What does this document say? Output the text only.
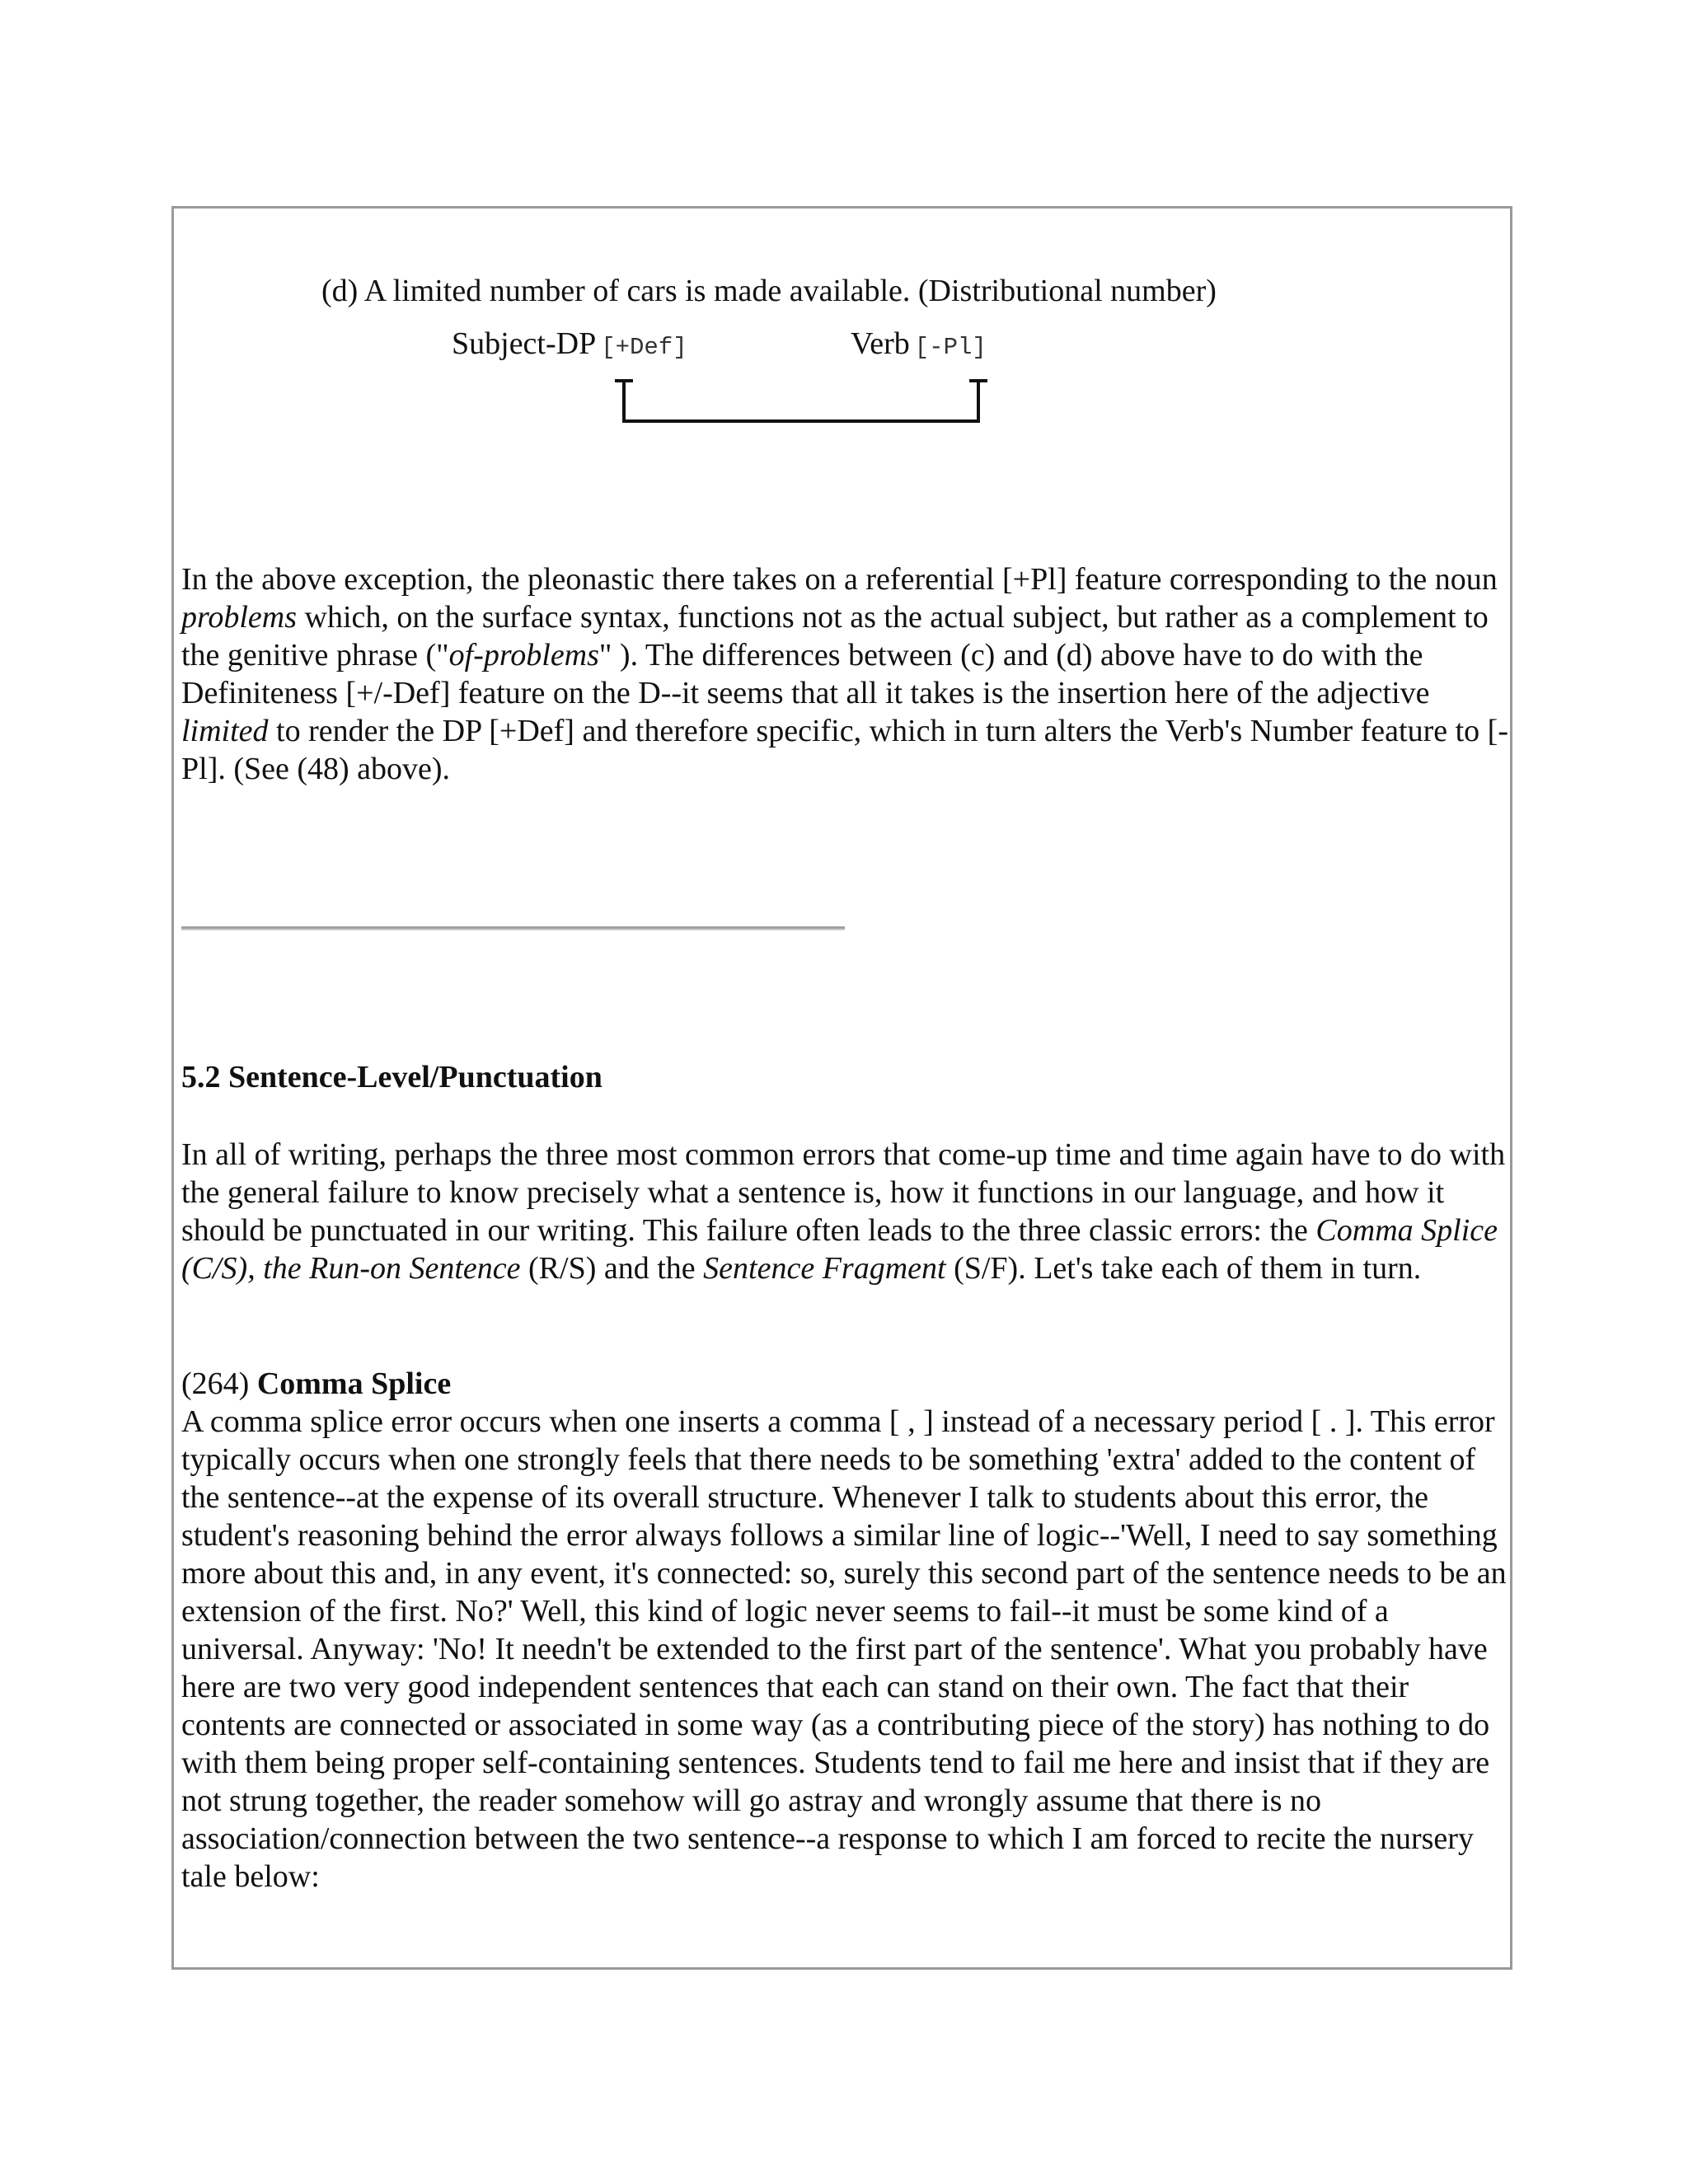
(d) A limited number of cars is made available. (Distributional number)
Subject-DP [+Def]	Verb [-Pl]

In the above exception, the pleonastic there takes on a referential [+Pl] feature corresponding to the noun problems which, on the surface syntax, functions not as the actual subject, but rather as a complement to the genitive phrase ("of-problems" ). The differences between (c) and (d) above have to do with the Definiteness [+/-Def] feature on the D--it seems that all it takes is the insertion here of the adjective limited to render the DP [+Def] and therefore specific, which in turn alters the Verb's Number feature to [-Pl]. (See (48) above).

5.2 Sentence-Level/Punctuation

In all of writing, perhaps the three most common errors that come-up time and time again have to do with the general failure to know precisely what a sentence is, how it functions in our language, and how it should be punctuated in our writing. This failure often leads to the three classic errors: the Comma Splice (C/S), the Run-on Sentence (R/S) and the Sentence Fragment (S/F). Let's take each of them in turn.

(264) Comma Splice
A comma splice error occurs when one inserts a comma [ , ] instead of a necessary period [ . ]. This error typically occurs when one strongly feels that there needs to be something 'extra' added to the content of the sentence--at the expense of its overall structure. Whenever I talk to students about this error, the student's reasoning behind the error always follows a similar line of logic--'Well, I need to say something more about this and, in any event, it's connected: so, surely this second part of the sentence needs to be an extension of the first. No?' Well, this kind of logic never seems to fail--it must be some kind of a universal. Anyway: 'No! It needn't be extended to the first part of the sentence'. What you probably have here are two very good independent sentences that each can stand on their own. The fact that their contents are connected or associated in some way (as a contributing piece of the story) has nothing to do with them being proper self-containing sentences. Students tend to fail me here and insist that if they are not strung together, the reader somehow will go astray and wrongly assume that there is no association/connection between the two sentence--a response to which I am forced to recite the nursery tale below:
